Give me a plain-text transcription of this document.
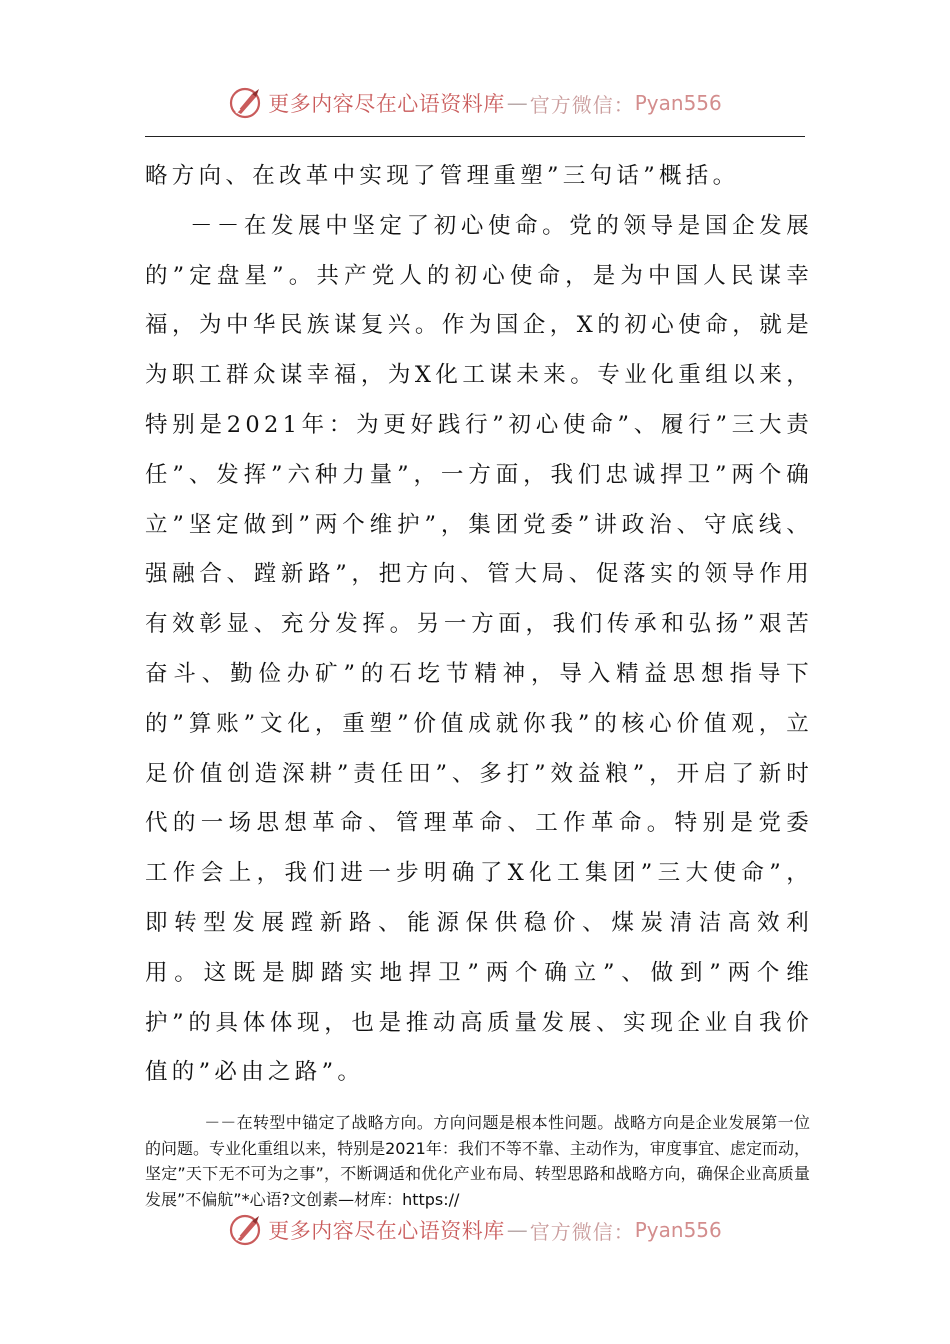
更多内容尽在心语资料库 — 官方微信： Pyan556

略方向、在改革中实现了管理重塑”三句话”概括。

－－在发展中坚定了初心使命。党的领导是国企发展的”定盘星”。共产党人的初心使命，是为中国人民谋幸福，为中华民族谋复兴。作为国企，X的初心使命，就是为职工群众谋幸福，为X化工谋未来。专业化重组以来，特别是2021年：为更好践行”初心使命”、履行”三大责任”、发挥”六种力量”，一方面，我们忠诚捍卫”两个确立”坚定做到”两个维护”，集团党委”讲政治、守底线、强融合、蹚新路”，把方向、管大局、促落实的领导作用有效彰显、充分发挥。另一方面，我们传承和弘扬”艰苦奋斗、勤俭办矿”的石圪节精神，导入精益思想指导下的”算账”文化，重塑”价值成就你我”的核心价值观，立足价值创造深耕”责任田”、多打”效益粮”，开启了新时代的一场思想革命、管理革命、工作革命。特别是党委工作会上，我们进一步明确了X化工集团”三大使命”，即转型发展蹚新路、能源保供稳价、煤炭清洁高效利用。这既是脚踏实地捍卫”两个确立”、做到”两个维护”的具体体现，也是推动高质量发展、实现企业自我价值的”必由之路”。

－－在转型中锚定了战略方向。方向问题是根本性问题。战略方向是企业发展第一位的问题。专业化重组以来，特别是2021年：我们不等不靠、主动作为，审度事宜、虑定而动，坚定”天下无不可为之事”，不断调适和优化产业布局、转型思路和战略方向，确保企业高质量发展”不偏航”*心语?文创素—材库：https://

更多内容尽在心语资料库 — 官方微信： Pyan556
